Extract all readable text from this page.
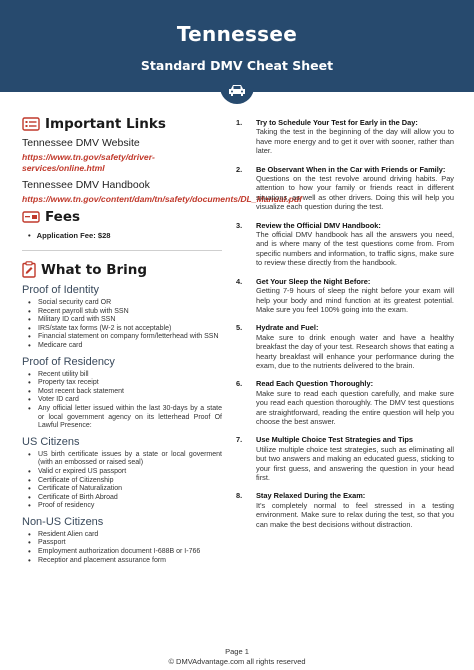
Tennessee
Standard DMV Cheat Sheet
Important Links
Tennessee DMV Website
https://www.tn.gov/safety/driver-services/online.html
Tennessee DMV Handbook
https://www.tn.gov/content/dam/tn/safety/documents/DL_Manual.pdf
Fees
• Application Fee: $28
What to Bring
Proof of Identity
• Social security card OR
• Recent payroll stub with SSN
• Military ID card with SSN
• IRS/state tax forms (W-2 is not acceptable)
• Financial statement on company form/letterhead with SSN
• Medicare card
Proof of Residency
• Recent utility bill
• Property tax receipt
• Most recent back statement
• Voter ID card
• Any official letter issued within the last 30-days by a state or local government agency on its letterhead Proof Of Lawful Presence:
US Citizens
• US birth certificate issues by a state or local goverment (with an embossed or raised seal)
• Valid cr expired US passport
• Certificate of Citizenship
• Certificate of Naturalization
• Certificate of Birth Abroad
• Proof of residency
Non-US Citizens
• Resident Alien card
• Passport
• Employment authorization document I-688B or I-766
• Receptior and placement assurance form
1.	Try to Schedule Your Test for Early in the Day:
Taking the test in the beginning of the day will allow you to have more energy and to get it over with sooner, rather than later.
2.	Be Observant When in the Car with Friends or Family:
Questions on the test revolve around driving habits. Pay attention to how your family or friends react in different situations, as well as other drivers. Doing this will help you visualize each question during the test.
3.	Review the Official DMV Handbook:
The official DMV handbook has all the answers you need, and is where many of the test questions come from. From specific numbers and information, to traffic signs, make sure to review these directly from the handbook.
4.	Get Your Sleep the Night Before:
Getting 7-9 hours of sleep the night before your exam will help your body and mind function at its greatest potential. Make sure you feel 100% going into the exam.
5.	Hydrate and Fuel:
Make sure to drink enough water and have a healthy breakfast the day of your test. Research shows that eating a hearty breakfast will enhance your performance during the exam, due to the nutrients delivered to the brain.
6.	Read Each Question Thoroughly:
Make sure to read each question carefully, and make sure you read each question thoroughly. The DMV test questions are straightforward, reading the entire question will help you choose the best answer.
7.	Use Multiple Choice Test Strategies and Tips
Utilize multiple choice test strategies, such as eliminating all but two answers and making an educated guess, sticking to your first guess, and answering the question in your head first.
8.	Stay Relaxed During the Exam:
It's completely normal to feel stressed in a testing environment. Make sure to relax during the test, so that you can make the best decisions without distraction.
Page 1
© DMVAdvantage.com all rights reserved
